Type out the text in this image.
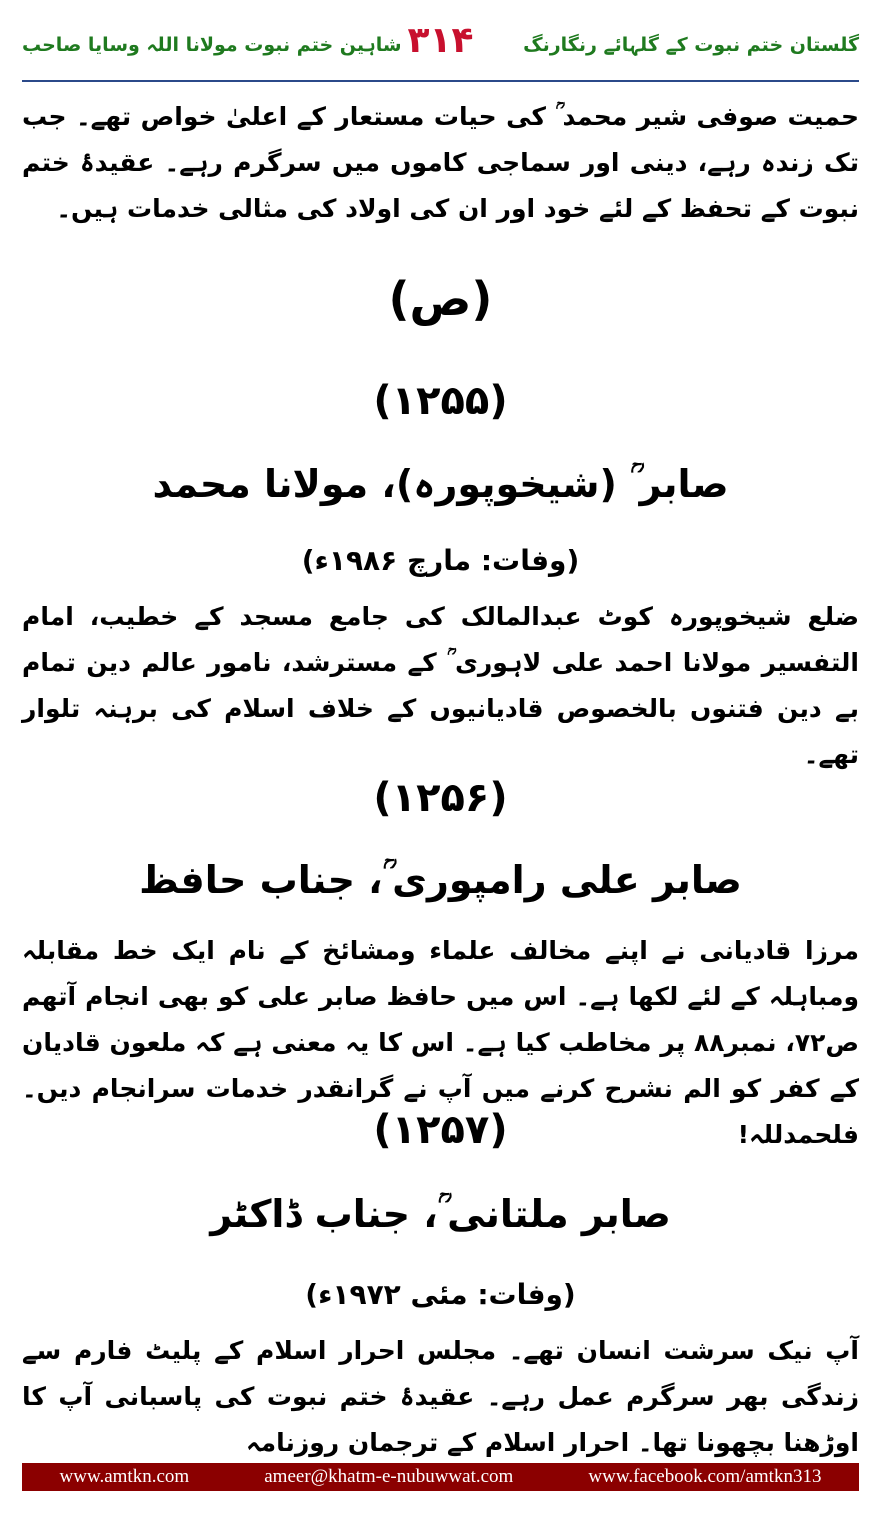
شاہین ختم نبوت مولانا اللہ وسایا صاحب ۳۱۴	گلستان ختم نبوت کے گلہائے رنگارنگ
حمیت صوفی شیر محمد ؒ کی حیات مستعار کے اعلیٰ خواص تھے۔ جب تک زندہ رہے، دینی اور سماجی کاموں میں سرگرم رہے۔ عقیدۂ ختم نبوت کے تحفظ کے لئے خود اور ان کی اولاد کی مثالی خدمات ہیں۔
(ص)
(۱۲۵۵)
صابر ؒ (شیخوپورہ)، مولانا محمد
(وفات: مارچ ۱۹۸۶ء)
ضلع شیخوپورہ کوٹ عبدالمالک کی جامع مسجد کے خطیب، امام التفسیر مولانا احمد علی لاہوری ؒ کے مسترشد، نامور عالم دین تمام بے دین فتنوں بالخصوص قادیانیوں کے خلاف اسلام کی برہنہ تلوار تھے۔
(۱۲۵۶)
صابر علی رامپوری ؒ، جناب حافظ
مرزا قادیانی نے اپنے مخالف علماء ومشائخ کے نام ایک خط مقابلہ ومباہلہ کے لئے لکھا ہے۔ اس میں حافظ صابر علی کو بھی انجام آتھم ص۷۲، نمبر۸۸ پر مخاطب کیا ہے۔ اس کا یہ معنی ہے کہ ملعون قادیان کے کفر کو الم نشرح کرنے میں آپ نے گرانقدر خدمات سرانجام دیں۔ فلحمدللہ!
(۱۲۵۷)
صابر ملتانی ؒ، جناب ڈاکٹر
(وفات: مئی ۱۹۷۲ء)
آپ نیک سرشت انسان تھے۔ مجلس احرار اسلام کے پلیٹ فارم سے زندگی بھر سرگرم عمل رہے۔ عقیدۂ ختم نبوت کی پاسبانی آپ کا اوڑھنا بچھونا تھا۔ احرار اسلام کے ترجمان روزنامہ
www.amtkn.com	ameer@khatm-e-nubuwwat.com	www.facebook.com/amtkn313
